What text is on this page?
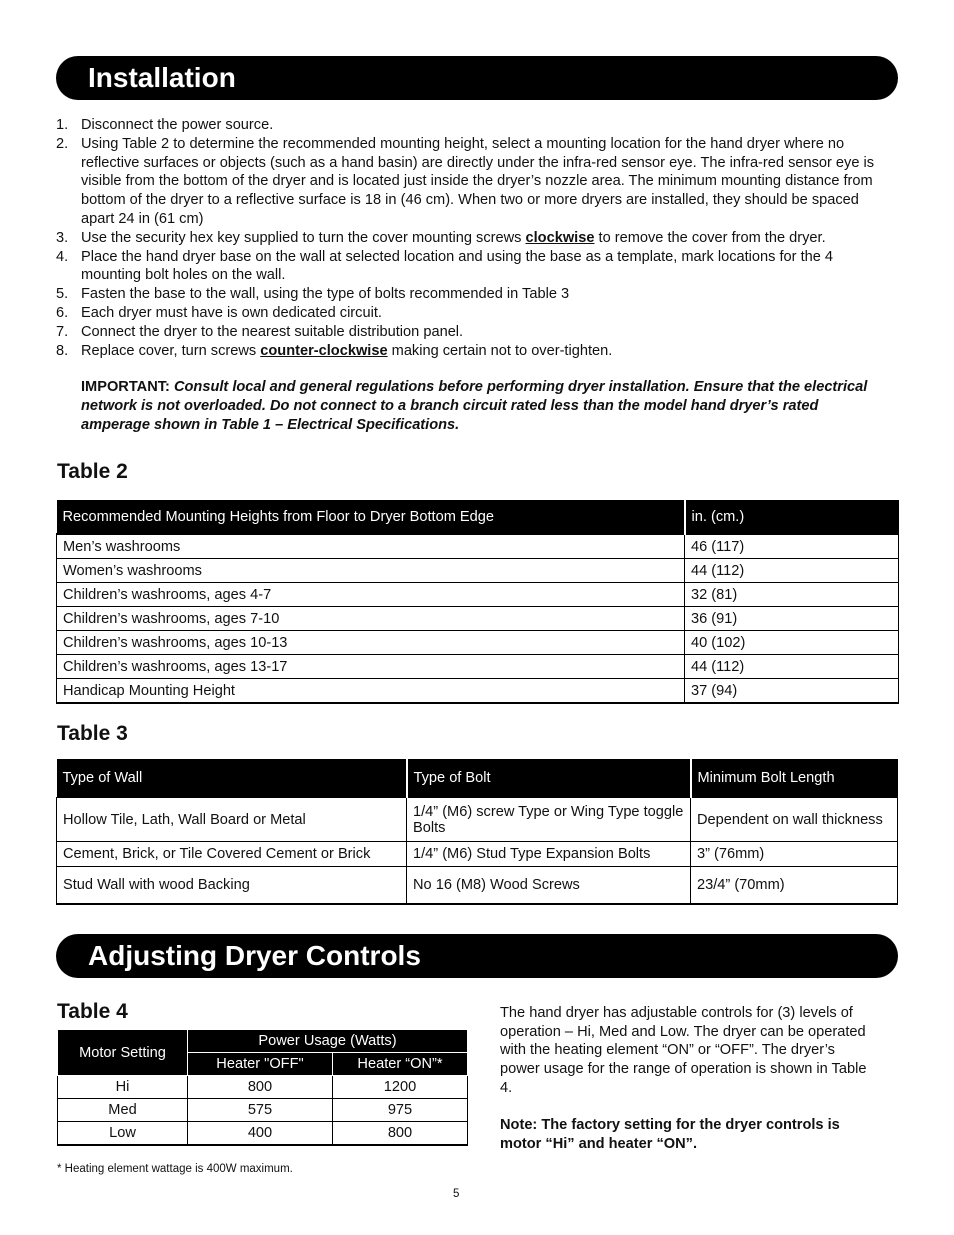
Installation
1. Disconnect the power source.
2. Using Table 2 to determine the recommended mounting height, select a mounting location for the hand dryer where no reflective surfaces or objects (such as a hand basin) are directly under the infra-red sensor eye. The infra-red sensor eye is visible from the bottom of the dryer and is located just inside the dryer’s nozzle area. The minimum mounting distance from bottom of the dryer to a reflective surface is 18 in (46 cm). When two or more dryers are installed, they should be spaced apart 24 in (61 cm)
3. Use the security hex key supplied to turn the cover mounting screws clockwise to remove the cover from the dryer.
4. Place the hand dryer base on the wall at selected location and using the base as a template, mark locations for the 4 mounting bolt holes on the wall.
5. Fasten the base to the wall, using the type of bolts recommended in Table 3
6. Each dryer must have is own dedicated circuit.
7. Connect the dryer to the nearest suitable distribution panel.
8. Replace cover, turn screws counter-clockwise making certain not to over-tighten.
IMPORTANT: Consult local and general regulations before performing dryer installation. Ensure that the electrical network is not overloaded. Do not connect to a branch circuit rated less than the model hand dryer’s rated amperage shown in Table 1 – Electrical Specifications.
Table 2
Recommended Mounting Heights from Floor to Dryer Bottom Edge	in. (cm.)
Men’s washrooms	46 (117)
Women’s washrooms	44 (112)
Children’s washrooms, ages 4-7	32 (81)
Children’s washrooms, ages 7-10	36 (91)
Children’s washrooms, ages 10-13	40 (102)
Children’s washrooms, ages 13-17	44 (112)
Handicap Mounting Height	37 (94)
Table 3
Type of Wall	Type of Bolt	Minimum Bolt Length
Hollow Tile, Lath, Wall Board or Metal	1/4” (M6) screw Type or Wing Type toggle Bolts	Dependent on wall thickness
Cement, Brick, or Tile Covered Cement or Brick	1/4” (M6) Stud Type Expansion Bolts	3” (76mm)
Stud Wall with wood Backing	No 16 (M8) Wood Screws	23/4” (70mm)
Adjusting Dryer Controls
Table 4
Motor Setting	Power Usage (Watts)	
	Heater "OFF"	Heater “ON”*
Hi	800	1200
Med	575	975
Low	400	800
The hand dryer has adjustable controls for (3) levels of operation – Hi, Med and Low. The dryer can be operated with the heating element “ON” or “OFF”. The dryer’s power usage for the range of operation is shown in Table 4.
Note: The factory setting for the dryer controls is motor “Hi” and heater “ON”.
* Heating element wattage is 400W maximum.
5
